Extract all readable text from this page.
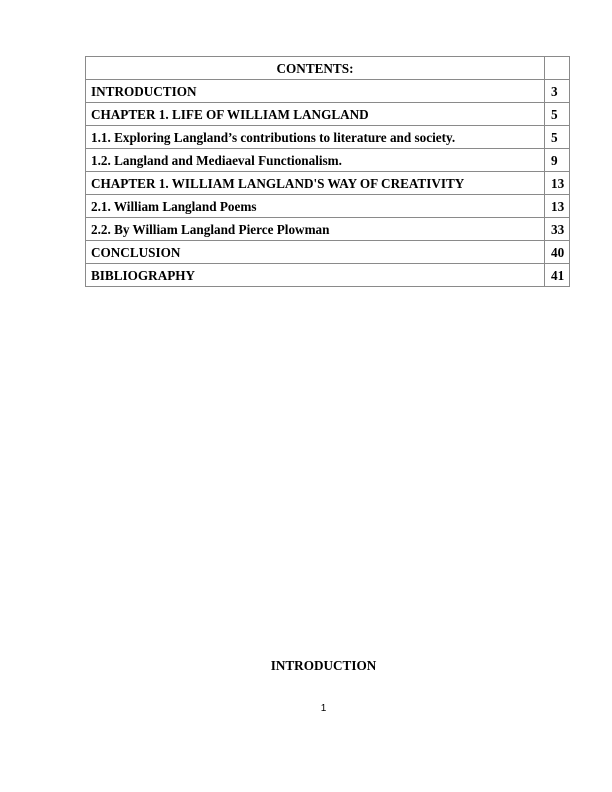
CONTENTS:	
INTRODUCTION	3
CHAPTER 1. LIFE OF WILLIAM LANGLAND	5
1.1. Exploring Langland’s contributions to literature and society.	5
1.2. Langland and Mediaeval Functionalism.	9
CHAPTER 1. WILLIAM LANGLAND'S WAY OF CREATIVITY	13
2.1. William Langland Poems	13
2.2. By William Langland Pierce Plowman	33
CONCLUSION	40
BIBLIOGRAPHY	41
INTRODUCTION
1
